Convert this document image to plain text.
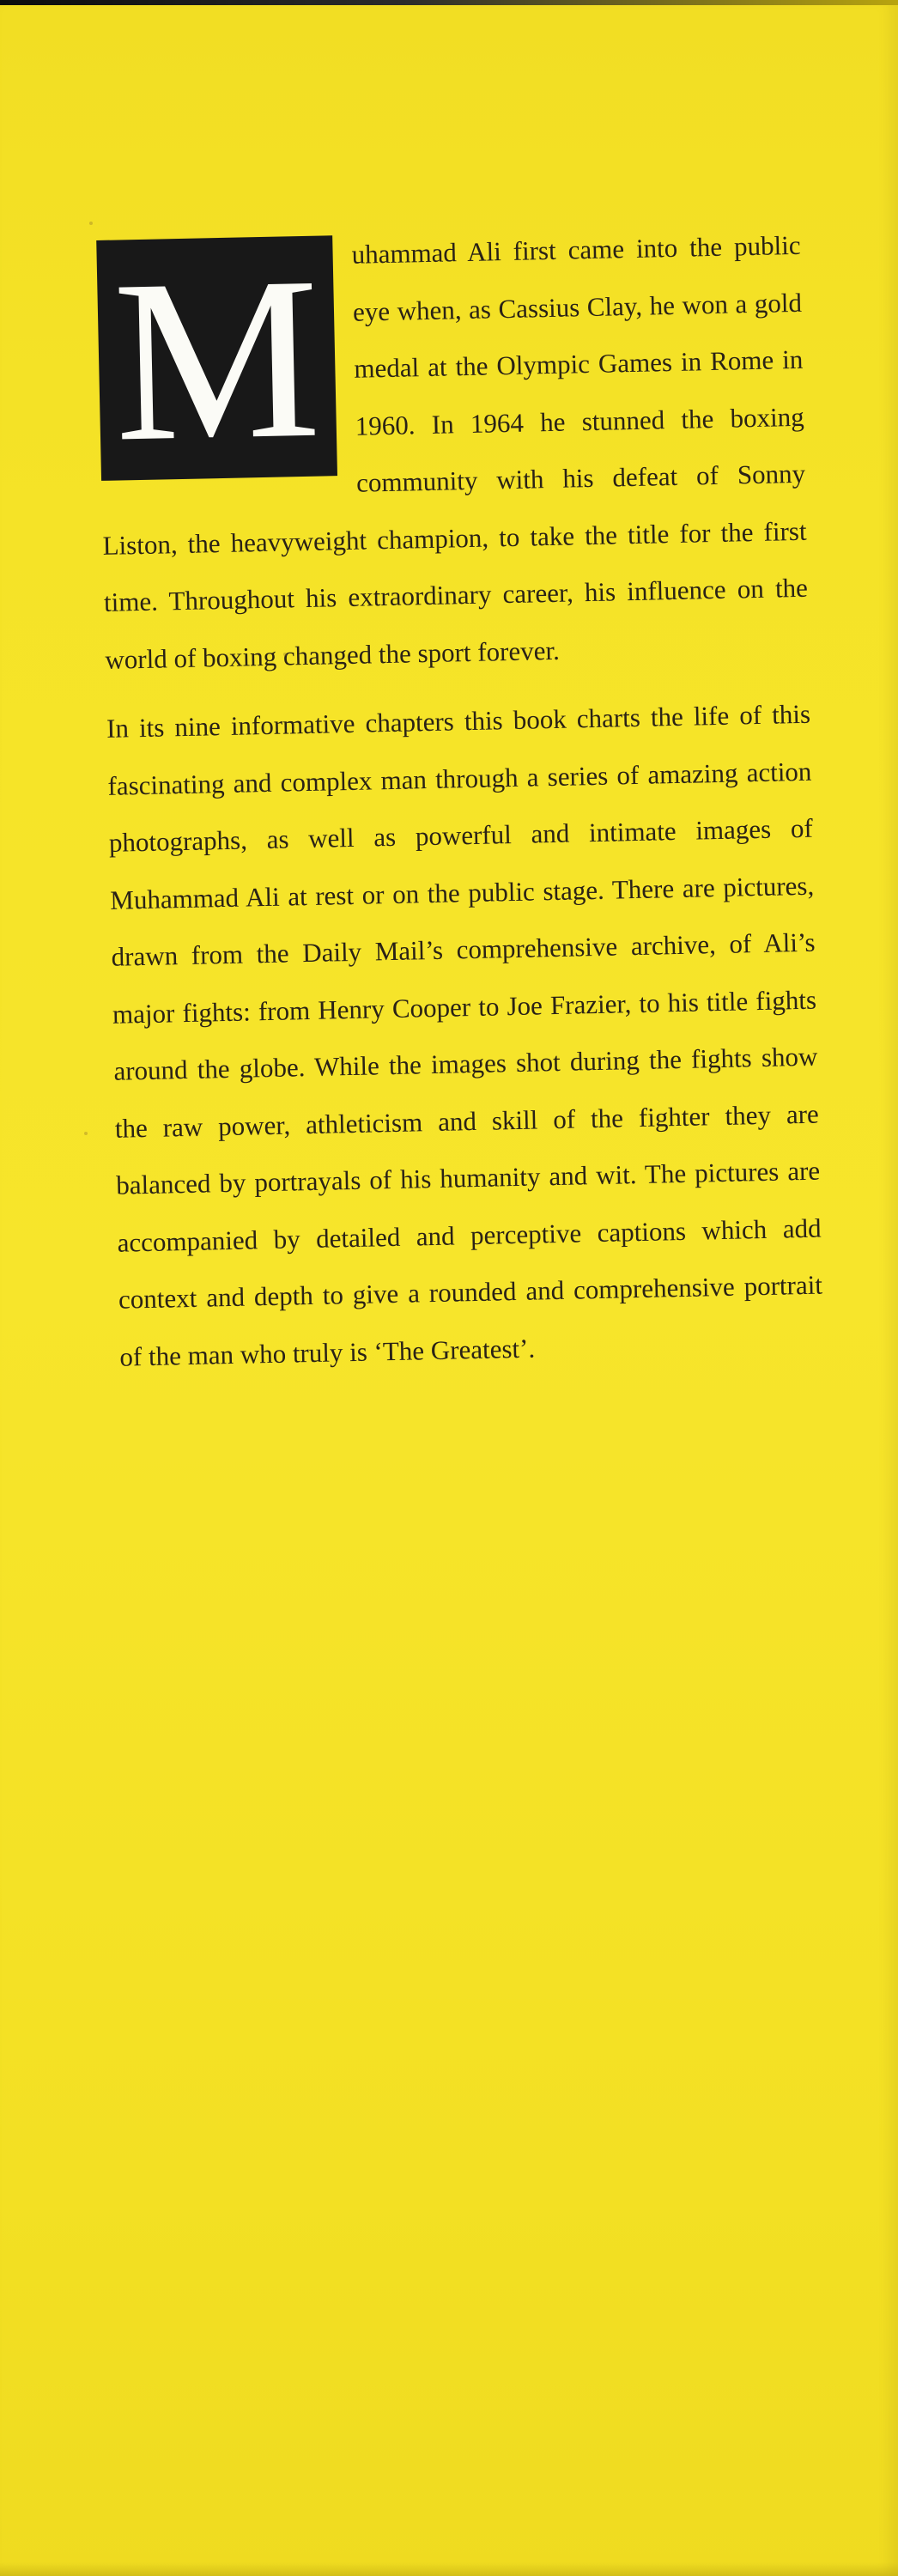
M uhammad Ali first came into the public eye when, as Cassius Clay, he won a gold medal at the Olympic Games in Rome in 1960. In 1964 he stunned the boxing community with his defeat of Sonny Liston, the heavyweight champion, to take the title for the first time. Throughout his extraordinary career, his influence on the world of boxing changed the sport forever.

In its nine informative chapters this book charts the life of this fascinating and complex man through a series of amazing action photographs, as well as powerful and intimate images of Muhammad Ali at rest or on the public stage. There are pictures, drawn from the Daily Mail’s comprehensive archive, of Ali’s major fights: from Henry Cooper to Joe Frazier, to his title fights around the globe. While the images shot during the fights show the raw power, athleticism and skill of the fighter they are balanced by portrayals of his humanity and wit. The pictures are accompanied by detailed and perceptive captions which add context and depth to give a rounded and comprehensive portrait of the man who truly is ‘The Greatest’.
